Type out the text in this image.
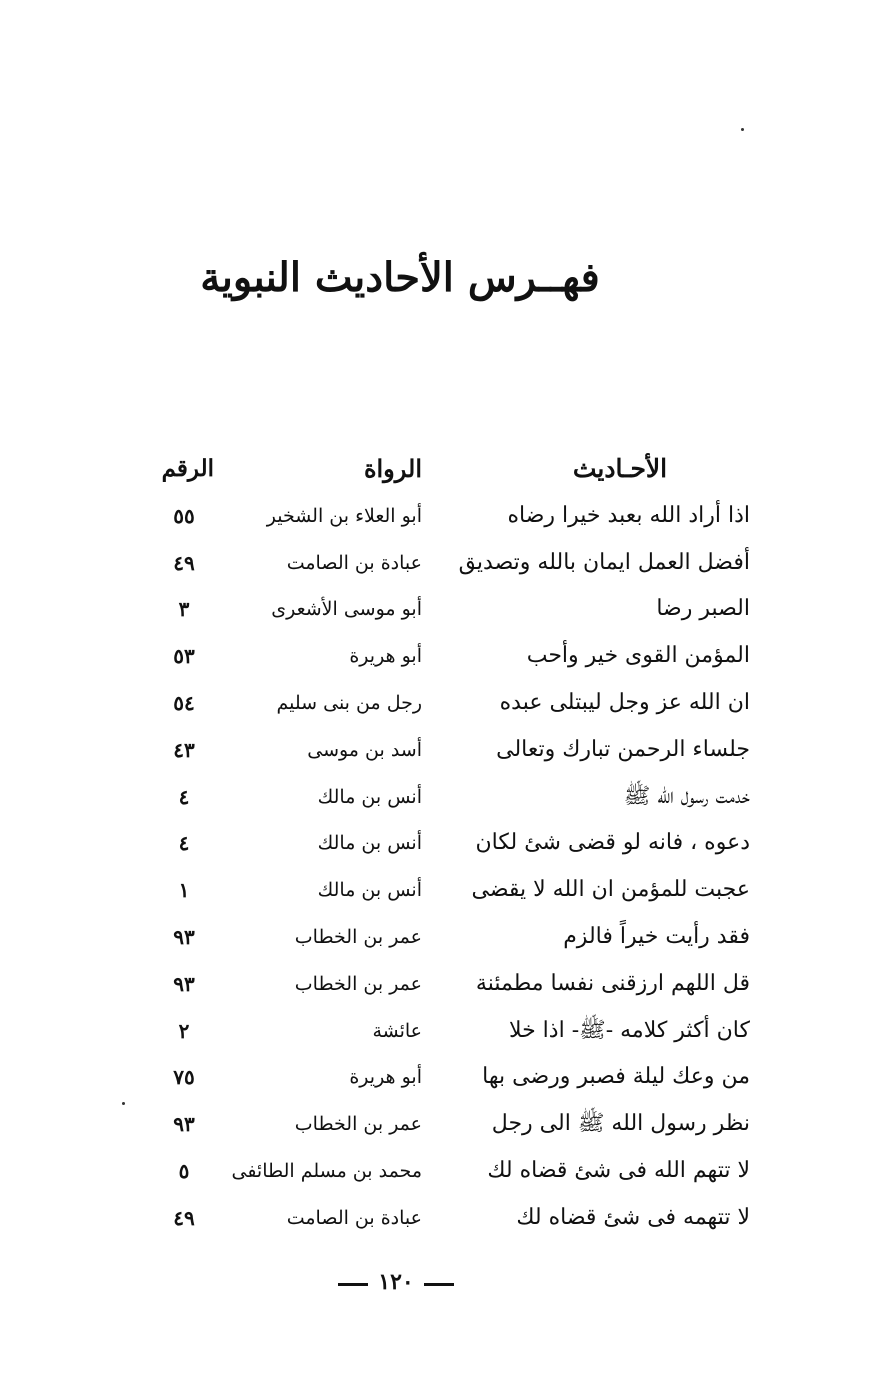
فهــرس الأحاديث النبوية
الأحـاديث
الرواة
الرقم
اذا أراد الله بعبد خيرا رضاه
أبو العلاء بن الشخير
٥٥
أفضل العمل ايمان بالله وتصديق
عبادة بن الصامت
٤٩
الصبر رضا
أبو موسى الأشعرى
٣
المؤمن القوى خير وأحب
أبو هريرة
٥٣
ان الله عز وجل ليبتلى عبده
رجل من بنى سليم
٥٤
جلساء الرحمن تبارك وتعالى
أسد بن موسى
٤٣
خدمت رسول الله ﷺ
أنس بن مالك
٤
دعوه ، فانه لو قضى شئ لكان
أنس بن مالك
٤
عجبت للمؤمن ان الله لا يقضى
أنس بن مالك
١
فقد رأيت خيراً فالزم
عمر بن الخطاب
٩٣
قل اللهم ارزقنى نفسا مطمئنة
عمر بن الخطاب
٩٣
كان أكثر كلامه -ﷺ- اذا خلا
عائشة
٢
من وعك ليلة فصبر ورضى بها
أبو هريرة
٧٥
نظر رسول الله ﷺ الى رجل
عمر بن الخطاب
٩٣
لا تتهم الله فى شئ قضاه لك
محمد بن مسلم الطائفى
٥
لا تتهمه فى شئ قضاه لك
عبادة بن الصامت
٤٩
١٢٠
